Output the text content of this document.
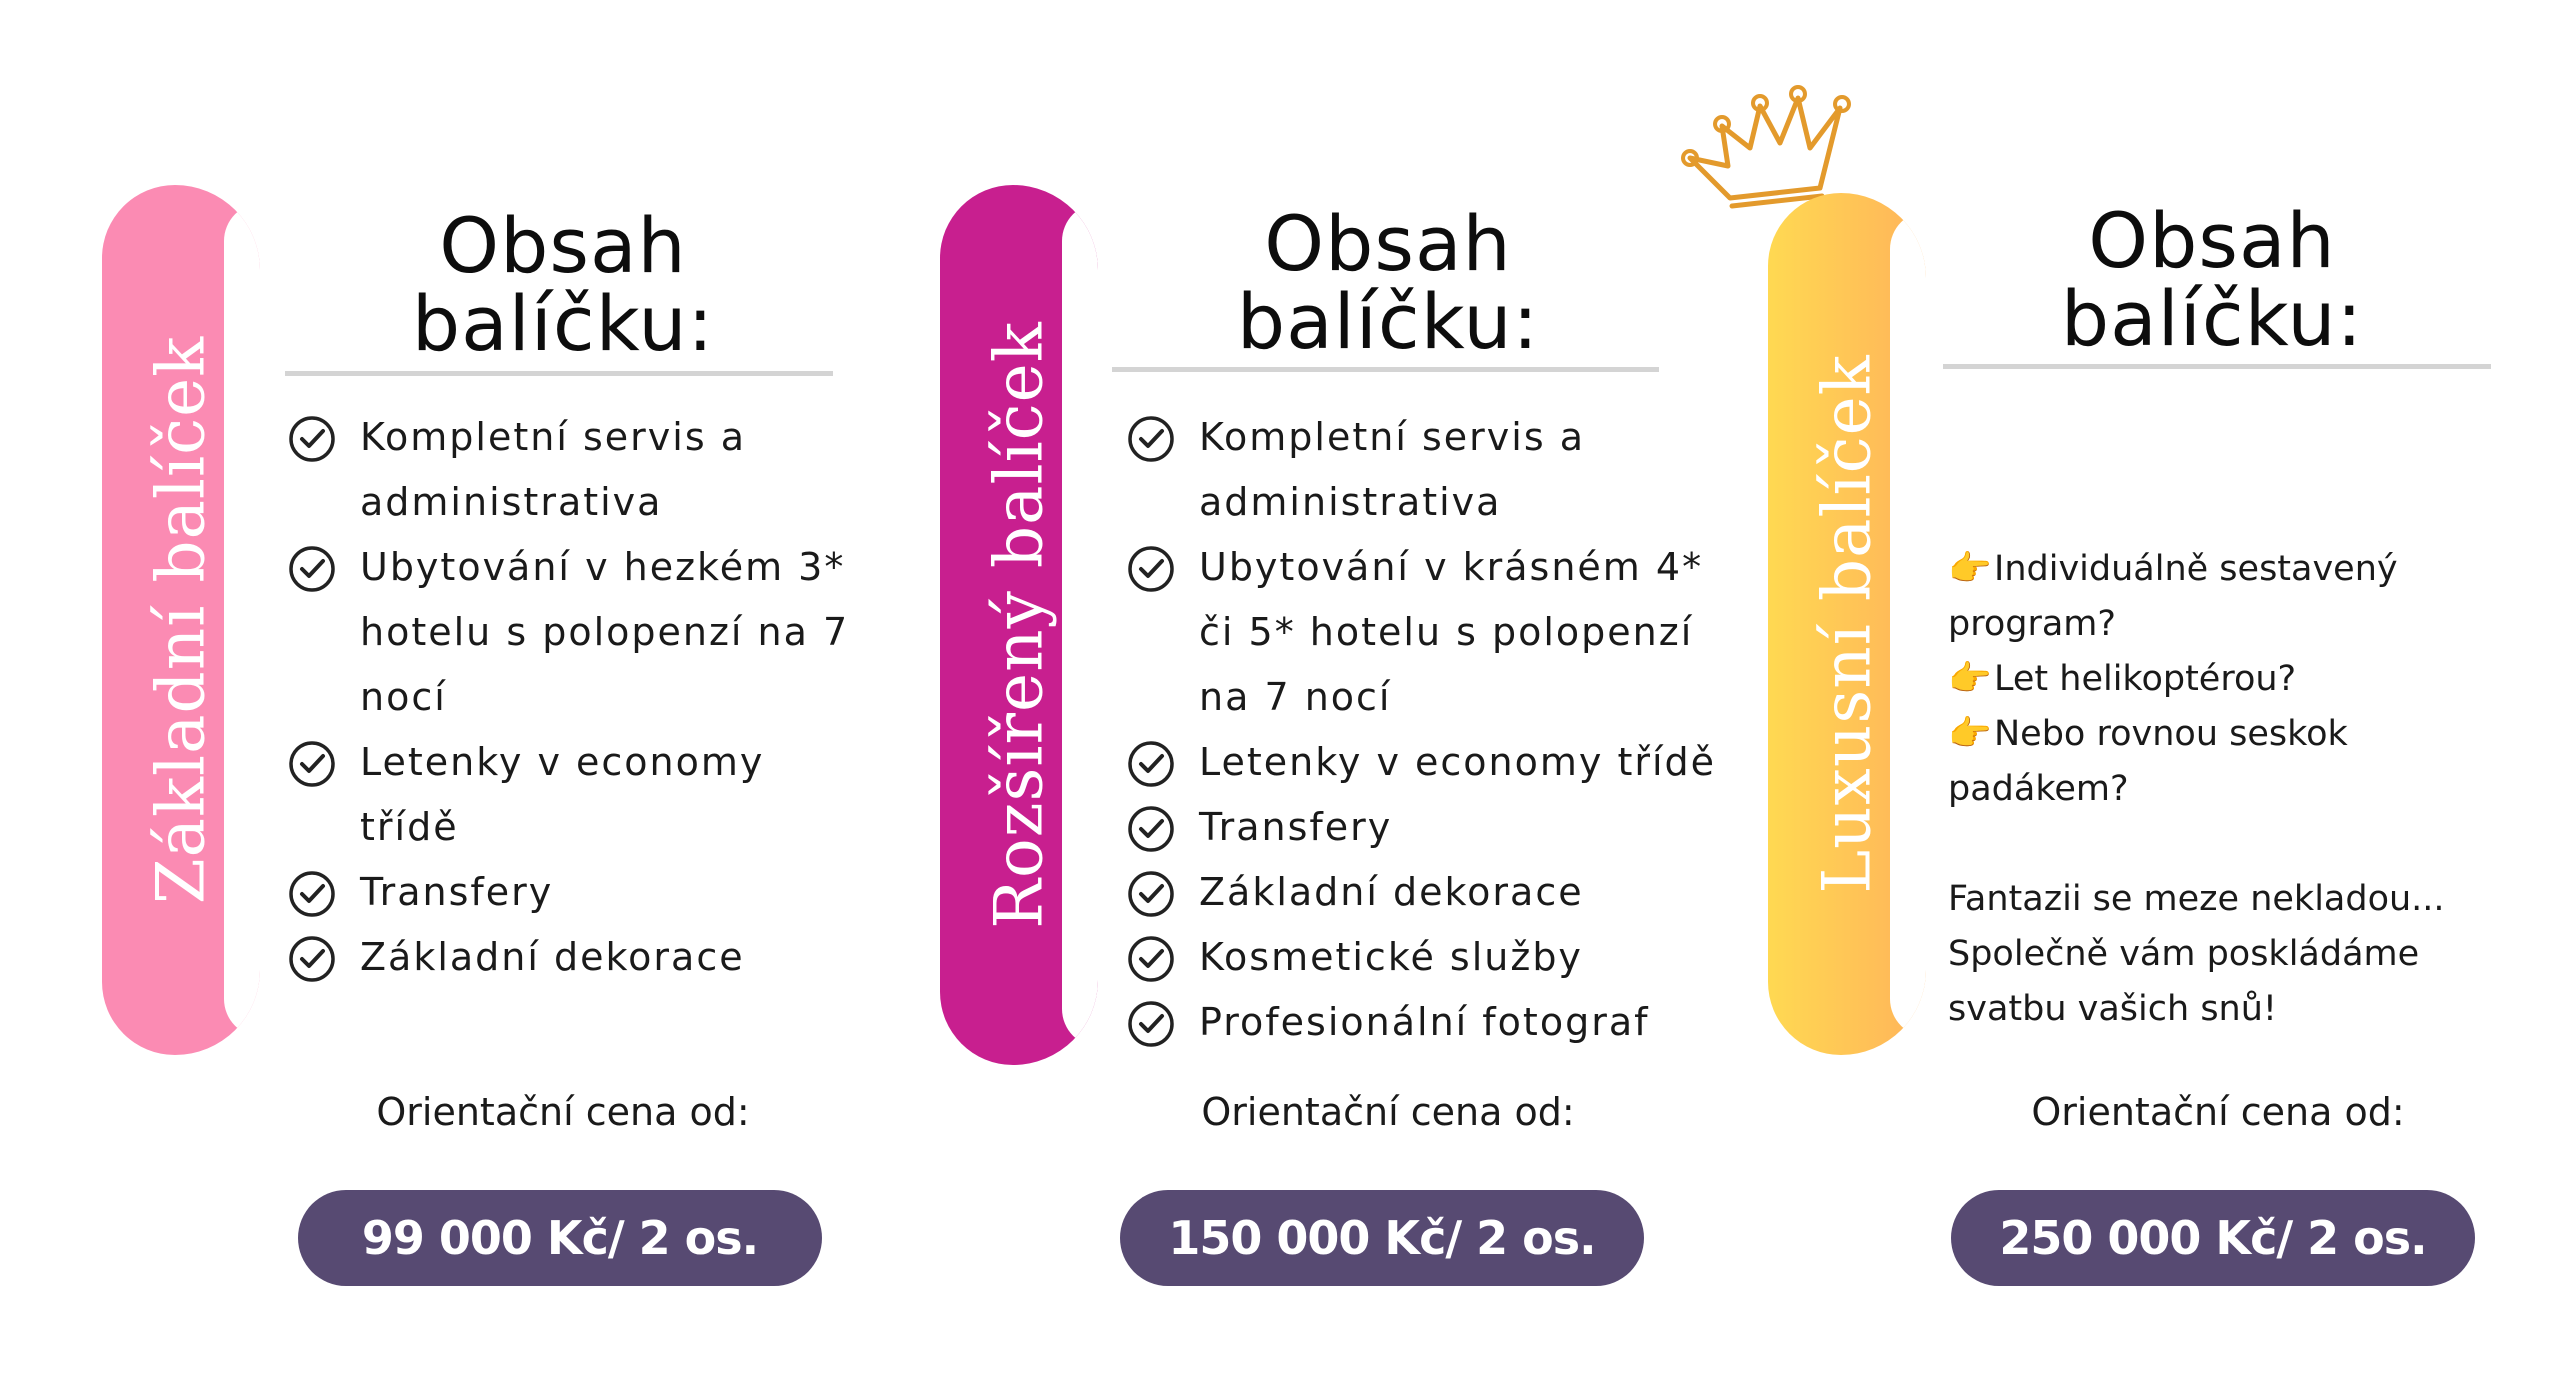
Základní balíček
Obsah
balíčku:
Kompletní servis a administrativa
Ubytování v hezkém 3* hotelu s polopenzí na 7 nocí
Letenky v economy třídě
Transfery
Základní dekorace
Orientační cena od:
99 000 Kč/ 2 os.
Rozšířený balíček
Obsah
balíčku:
Kompletní servis a administrativa
Ubytování v krásném 4* či 5* hotelu s polopenzí na 7 nocí
Letenky v economy třídě
Transfery
Základní dekorace
Kosmetické služby
Profesionální fotograf
Orientační cena od:
150 000 Kč/ 2 os.
Luxusní balíček
Obsah
balíčku:

👉Individuálně sestavený program?

👉Let helikoptérou?

👉Nebo rovnou seskok padákem?

Fantazii se meze nekladou...

Společně vám poskládáme svatbu vašich snů!

Orientační cena od:
250 000 Kč/ 2 os.
